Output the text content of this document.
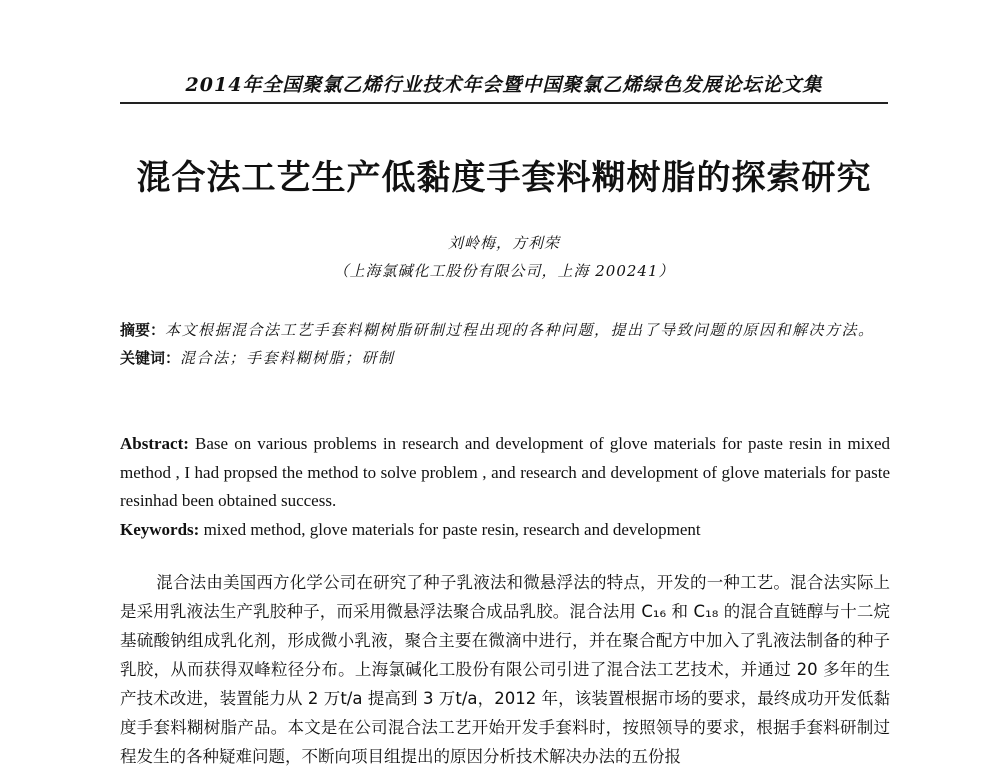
2014年全国聚氯乙烯行业技术年会暨中国聚氯乙烯绿色发展论坛论文集
混合法工艺生产低黏度手套料糊树脂的探索研究
刘岭梅，方利荣
（上海氯碱化工股份有限公司，上海 200241）

摘要：本文根据混合法工艺手套料糊树脂研制过程出现的各种问题，提出了导致问题的原因和解决方法。

关键词：混合法；手套料糊树脂；研制

Abstract: Base on various problems in research and development of glove materials for paste resin in mixed method , I had propsed the method to solve problem , and research and development of glove materials for paste resinhad been obtained success.

Keywords: mixed method, glove materials for paste resin, research and development

混合法由美国西方化学公司在研究了种子乳液法和微悬浮法的特点，开发的一种工艺。混合法实际上是采用乳液法生产乳胶种子，而采用微悬浮法聚合成品乳胶。混合法用 C₁₆ 和 C₁₈ 的混合直链醇与十二烷基硫酸钠组成乳化剂，形成微小乳液，聚合主要在微滴中进行，并在聚合配方中加入了乳液法制备的种子乳胶，从而获得双峰粒径分布。上海氯碱化工股份有限公司引进了混合法工艺技术，并通过 20 多年的生产技术改进，装置能力从 2 万t/a 提高到 3 万t/a，2012 年，该装置根据市场的要求，最终成功开发低黏度手套料糊树脂产品。本文是在公司混合法工艺开始开发手套料时，按照领导的要求，根据手套料研制过程发生的各种疑难问题，不断向项目组提出的原因分析技术解决办法的五份报
